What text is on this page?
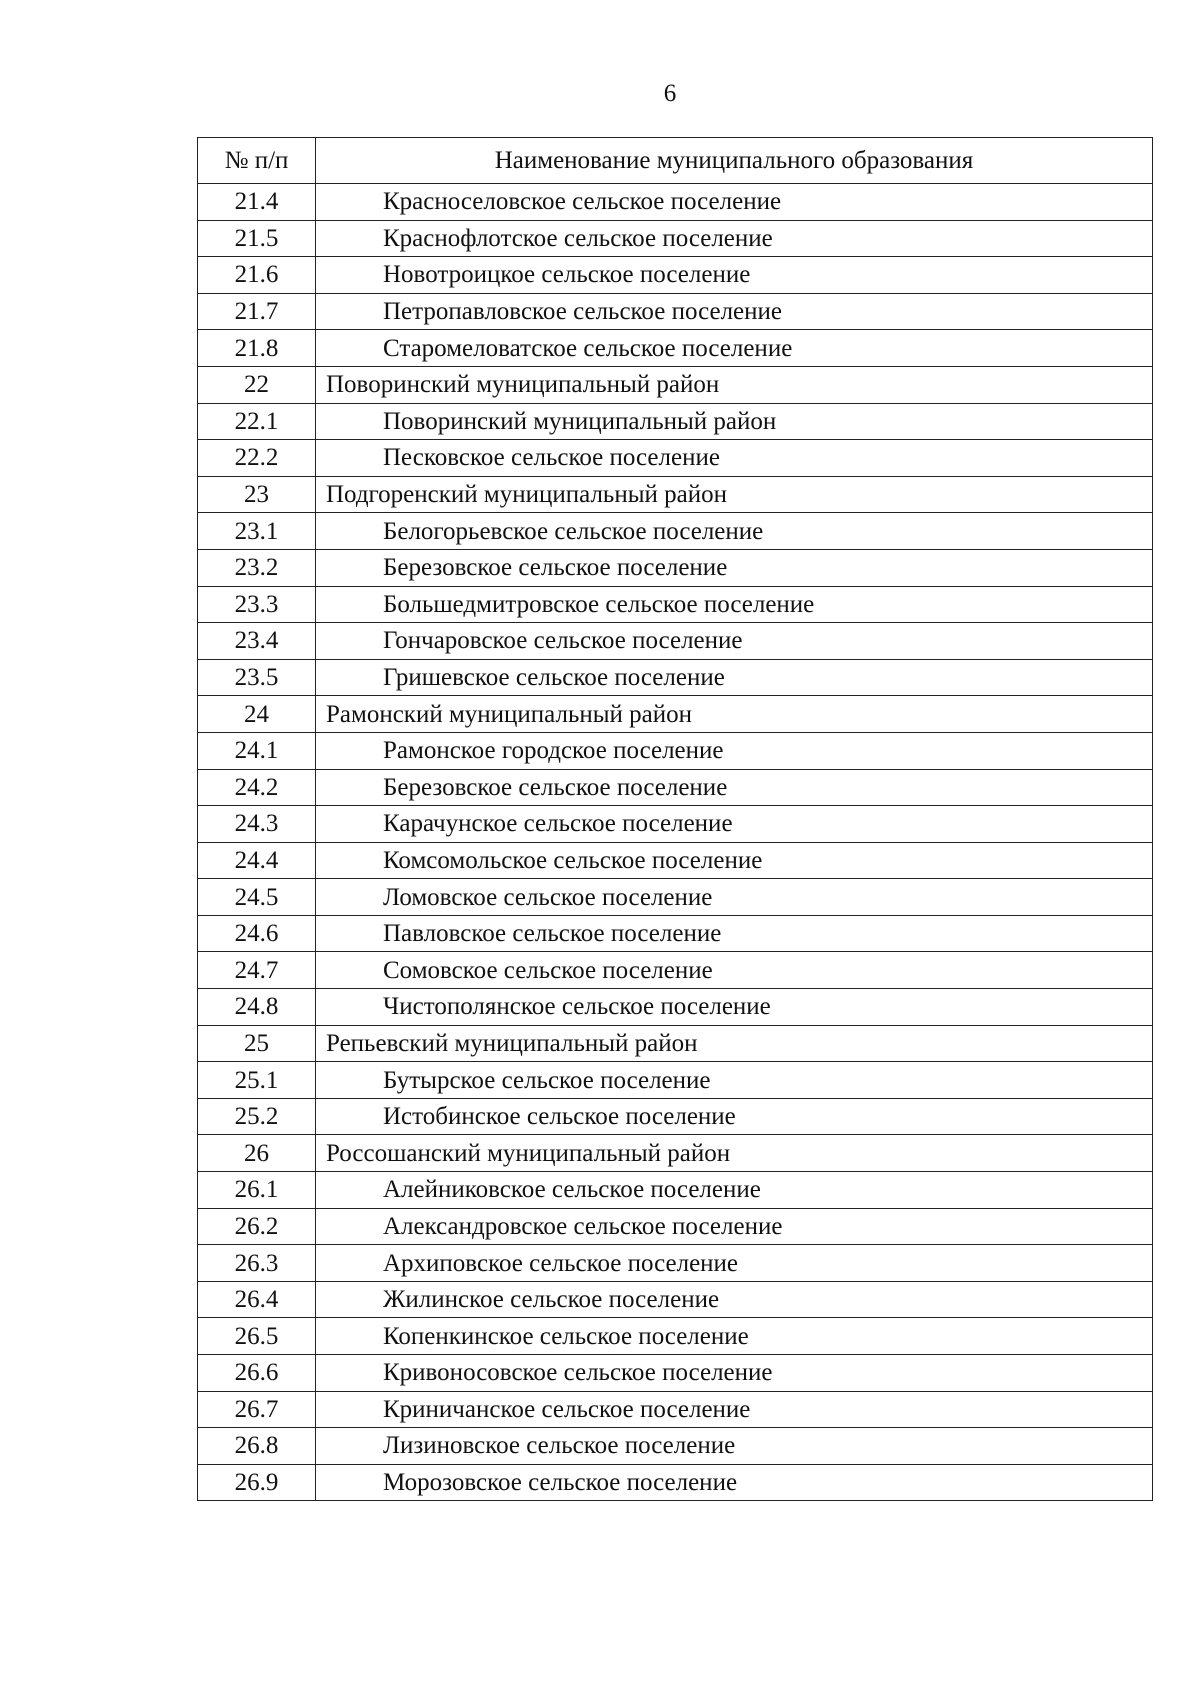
6
№ п/п	Наименование муниципального образования
21.4	Красноселовское сельское поселение
21.5	Краснофлотское сельское поселение
21.6	Новотроицкое сельское поселение
21.7	Петропавловское сельское поселение
21.8	Старомеловатское сельское поселение
22	Поворинский муниципальный район
22.1	Поворинский муниципальный район
22.2	Песковское сельское поселение
23	Подгоренский муниципальный район
23.1	Белогорьевское сельское поселение
23.2	Березовское сельское поселение
23.3	Большедмитровское сельское поселение
23.4	Гончаровское сельское поселение
23.5	Гришевское сельское поселение
24	Рамонский муниципальный район
24.1	Рамонское городское поселение
24.2	Березовское сельское поселение
24.3	Карачунское сельское поселение
24.4	Комсомольское сельское поселение
24.5	Ломовское сельское поселение
24.6	Павловское сельское поселение
24.7	Сомовское сельское поселение
24.8	Чистополянское сельское поселение
25	Репьевский муниципальный район
25.1	Бутырское сельское поселение
25.2	Истобинское сельское поселение
26	Россошанский муниципальный район
26.1	Алейниковское сельское поселение
26.2	Александровское сельское поселение
26.3	Архиповское сельское поселение
26.4	Жилинское сельское поселение
26.5	Копенкинское сельское поселение
26.6	Кривоносовское сельское поселение
26.7	Криничанское сельское поселение
26.8	Лизиновское сельское поселение
26.9	Морозовское сельское поселение
